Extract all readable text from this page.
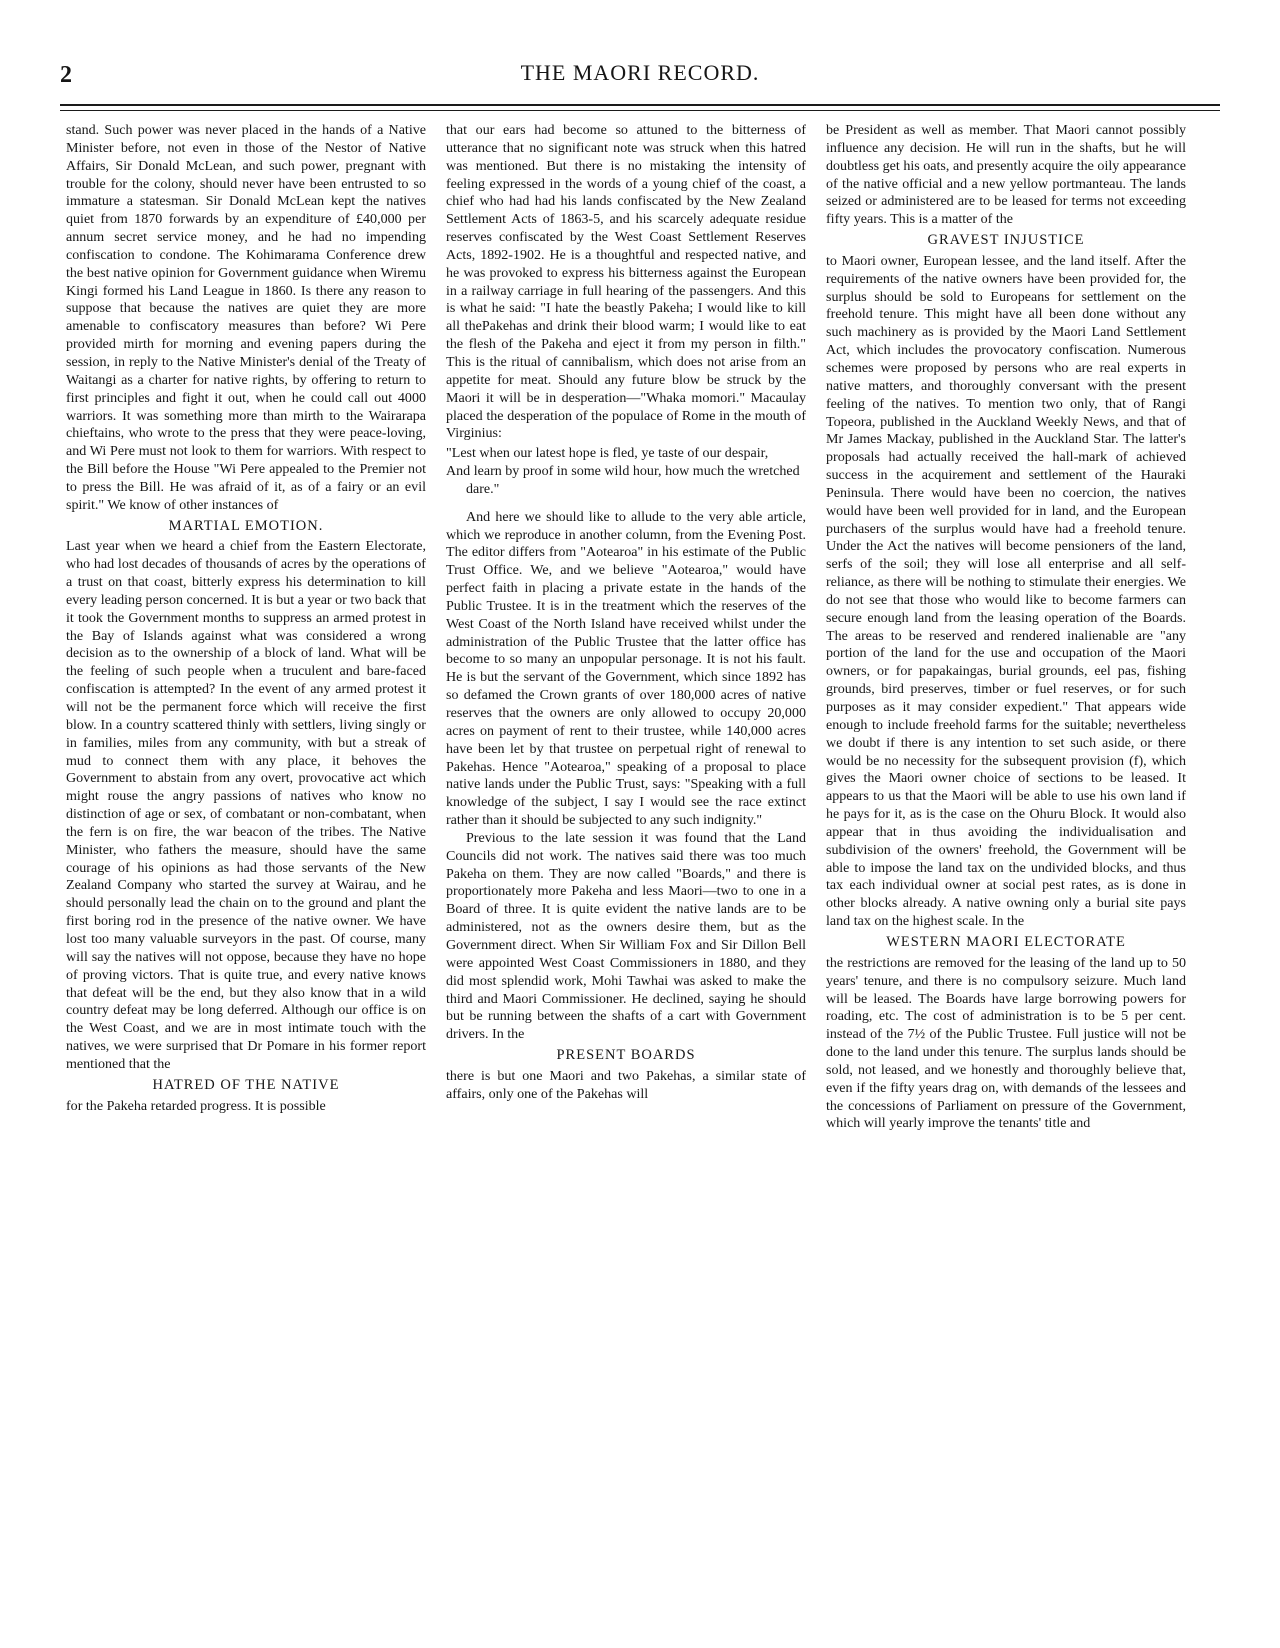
2	THE MAORI RECORD.

stand. Such power was never placed in the hands of a Native Minister before, not even in those of the Nestor of Native Affairs, Sir Donald McLean, and such power, pregnant with trouble for the colony, should never have been entrusted to so immature a statesman. Sir Donald McLean kept the natives quiet from 1870 forwards by an expenditure of £40,000 per annum secret service money, and he had no impending confiscation to condone. The Kohimarama Conference drew the best native opinion for Government guidance when Wiremu Kingi formed his Land League in 1860. Is there any reason to suppose that because the natives are quiet they are more amenable to confiscatory measures than before? Wi Pere provided mirth for morning and evening papers during the session, in reply to the Native Minister's denial of the Treaty of Waitangi as a charter for native rights, by offering to return to first principles and fight it out, when he could call out 4000 warriors. It was something more than mirth to the Wairarapa chieftains, who wrote to the press that they were peace-loving, and Wi Pere must not look to them for warriors. With respect to the Bill before the House "Wi Pere appealed to the Premier not to press the Bill. He was afraid of it, as of a fairy or an evil spirit." We know of other instances of

MARTIAL EMOTION.

Last year when we heard a chief from the Eastern Electorate, who had lost decades of thousands of acres by the operations of a trust on that coast, bitterly express his determination to kill every leading person concerned. It is but a year or two back that it took the Government months to suppress an armed protest in the Bay of Islands against what was considered a wrong decision as to the ownership of a block of land. What will be the feeling of such people when a truculent and bare-faced confiscation is attempted? In the event of any armed protest it will not be the permanent force which will receive the first blow. In a country scattered thinly with settlers, living singly or in families, miles from any community, with but a streak of mud to connect them with any place, it behoves the Government to abstain from any overt, provocative act which might rouse the angry passions of natives who know no distinction of age or sex, of combatant or non-combatant, when the fern is on fire, the war beacon of the tribes. The Native Minister, who fathers the measure, should have the same courage of his opinions as had those servants of the New Zealand Company who started the survey at Wairau, and he should personally lead the chain on to the ground and plant the first boring rod in the presence of the native owner. We have lost too many valuable surveyors in the past. Of course, many will say the natives will not oppose, because they have no hope of proving victors. That is quite true, and every native knows that defeat will be the end, but they also know that in a wild country defeat may be long deferred. Although our office is on the West Coast, and we are in most intimate touch with the natives, we were surprised that Dr Pomare in his former report mentioned that the

HATRED OF THE NATIVE

for the Pakeha retarded progress. It is possible

that our ears had become so attuned to the bitterness of utterance that no significant note was struck when this hatred was mentioned. But there is no mistaking the intensity of feeling expressed in the words of a young chief of the coast, a chief who had had his lands confiscated by the New Zealand Settlement Acts of 1863-5, and his scarcely adequate residue reserves confiscated by the West Coast Settlement Reserves Acts, 1892-1902. He is a thoughtful and respected native, and he was provoked to express his bitterness against the European in a railway carriage in full hearing of the passengers. And this is what he said: "I hate the beastly Pakeha; I would like to kill all thePakehas and drink their blood warm; I would like to eat the flesh of the Pakeha and eject it from my person in filth." This is the ritual of cannibalism, which does not arise from an appetite for meat. Should any future blow be struck by the Maori it will be in desperation—"Whaka momori." Macaulay placed the desperation of the populace of Rome in the mouth of Virginius:

"Lest when our latest hope is fled, ye taste of our despair,

And learn by proof in some wild hour, how much the wretched dare."

And here we should like to allude to the very able article, which we reproduce in another column, from the Evening Post. The editor differs from "Aotearoa" in his estimate of the Public Trust Office. We, and we believe "Aotearoa," would have perfect faith in placing a private estate in the hands of the Public Trustee. It is in the treatment which the reserves of the West Coast of the North Island have received whilst under the administration of the Public Trustee that the latter office has become to so many an unpopular personage. It is not his fault. He is but the servant of the Government, which since 1892 has so defamed the Crown grants of over 180,000 acres of native reserves that the owners are only allowed to occupy 20,000 acres on payment of rent to their trustee, while 140,000 acres have been let by that trustee on perpetual right of renewal to Pakehas. Hence "Aotearoa," speaking of a proposal to place native lands under the Public Trust, says: "Speaking with a full knowledge of the subject, I say I would see the race extinct rather than it should be subjected to any such indignity."

Previous to the late session it was found that the Land Councils did not work. The natives said there was too much Pakeha on them. They are now called "Boards," and there is proportionately more Pakeha and less Maori—two to one in a Board of three. It is quite evident the native lands are to be administered, not as the owners desire them, but as the Government direct. When Sir William Fox and Sir Dillon Bell were appointed West Coast Commissioners in 1880, and they did most splendid work, Mohi Tawhai was asked to make the third and Maori Commissioner. He declined, saying he should but be running between the shafts of a cart with Government drivers. In the

PRESENT BOARDS

there is but one Maori and two Pakehas, a similar state of affairs, only one of the Pakehas will

be President as well as member. That Maori cannot possibly influence any decision. He will run in the shafts, but he will doubtless get his oats, and presently acquire the oily appearance of the native official and a new yellow portmanteau. The lands seized or administered are to be leased for terms not exceeding fifty years. This is a matter of the

GRAVEST INJUSTICE

to Maori owner, European lessee, and the land itself. After the requirements of the native owners have been provided for, the surplus should be sold to Europeans for settlement on the freehold tenure. This might have all been done without any such machinery as is provided by the Maori Land Settlement Act, which includes the provocatory confiscation. Numerous schemes were proposed by persons who are real experts in native matters, and thoroughly conversant with the present feeling of the natives. To mention two only, that of Rangi Topeora, published in the Auckland Weekly News, and that of Mr James Mackay, published in the Auckland Star. The latter's proposals had actually received the hall-mark of achieved success in the acquirement and settlement of the Hauraki Peninsula. There would have been no coercion, the natives would have been well provided for in land, and the European purchasers of the surplus would have had a freehold tenure. Under the Act the natives will become pensioners of the land, serfs of the soil; they will lose all enterprise and all self-reliance, as there will be nothing to stimulate their energies. We do not see that those who would like to become farmers can secure enough land from the leasing operation of the Boards. The areas to be reserved and rendered inalienable are "any portion of the land for the use and occupation of the Maori owners, or for papakaingas, burial grounds, eel pas, fishing grounds, bird preserves, timber or fuel reserves, or for such purposes as it may consider expedient." That appears wide enough to include freehold farms for the suitable; nevertheless we doubt if there is any intention to set such aside, or there would be no necessity for the subsequent provision (f), which gives the Maori owner choice of sections to be leased. It appears to us that the Maori will be able to use his own land if he pays for it, as is the case on the Ohuru Block. It would also appear that in thus avoiding the individualisation and subdivision of the owners' freehold, the Government will be able to impose the land tax on the undivided blocks, and thus tax each individual owner at social pest rates, as is done in other blocks already. A native owning only a burial site pays land tax on the highest scale. In the

WESTERN MAORI ELECTORATE

the restrictions are removed for the leasing of the land up to 50 years' tenure, and there is no compulsory seizure. Much land will be leased. The Boards have large borrowing powers for roading, etc. The cost of administration is to be 5 per cent. instead of the 7½ of the Public Trustee. Full justice will not be done to the land under this tenure. The surplus lands should be sold, not leased, and we honestly and thoroughly believe that, even if the fifty years drag on, with demands of the lessees and the concessions of Parliament on pressure of the Government, which will yearly improve the tenants' title and
